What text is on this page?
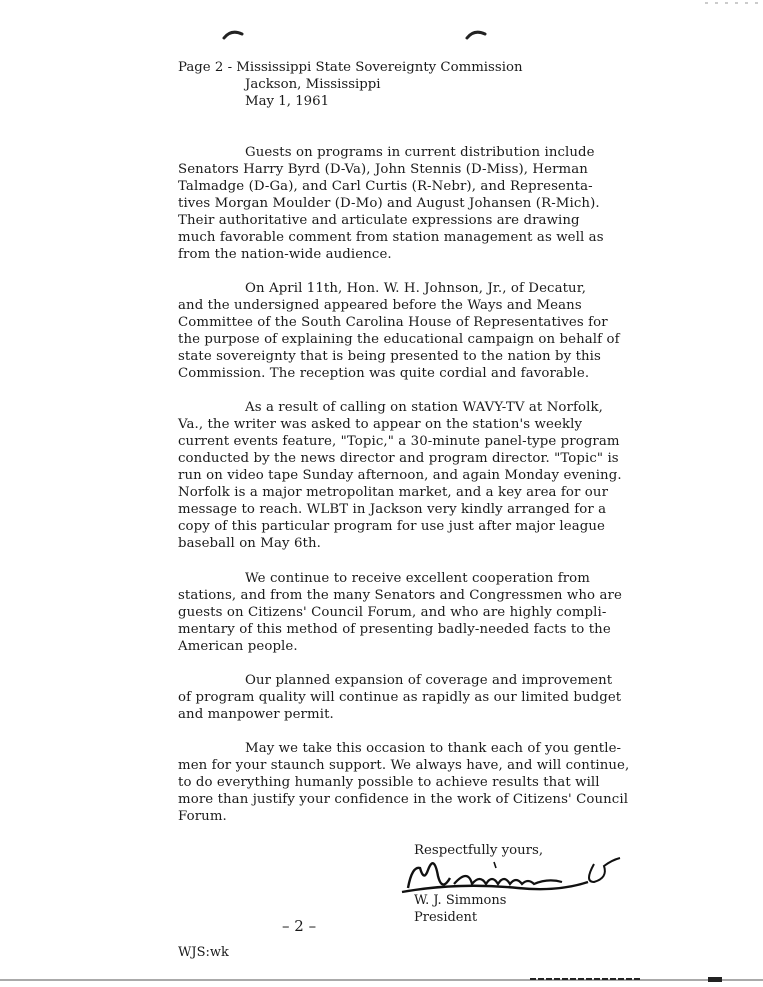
Page 2 - Mississippi State Sovereignty Commission
Jackson, Mississippi
May 1, 1961
Guests on programs in current distribution include
Senators Harry Byrd (D-Va), John Stennis (D-Miss), Herman
Talmadge (D-Ga), and Carl Curtis (R-Nebr), and Representa-
tives Morgan Moulder (D-Mo) and August Johansen (R-Mich).
Their authoritative and articulate expressions are drawing
much favorable comment from station management as well as
from the nation-wide audience.
On April 11th, Hon. W. H. Johnson, Jr., of Decatur,
and the undersigned appeared before the Ways and Means
Committee of the South Carolina House of Representatives for
the purpose of explaining the educational campaign on behalf of
state sovereignty that is being presented to the nation by this
Commission. The reception was quite cordial and favorable.
As a result of calling on station WAVY-TV at Norfolk,
Va., the writer was asked to appear on the station's weekly
current events feature, "Topic," a 30-minute panel-type program
conducted by the news director and program director. "Topic" is
run on video tape Sunday afternoon, and again Monday evening.
Norfolk is a major metropolitan market, and a key area for our
message to reach. WLBT in Jackson very kindly arranged for a
copy of this particular program for use just after major league
baseball on May 6th.
We continue to receive excellent cooperation from
stations, and from the many Senators and Congressmen who are
guests on Citizens' Council Forum, and who are highly compli-
mentary of this method of presenting badly-needed facts to the
American people.
Our planned expansion of coverage and improvement
of program quality will continue as rapidly as our limited budget
and manpower permit.
May we take this occasion to thank each of you gentle-
men for your staunch support. We always have, and will continue,
to do everything humanly possible to achieve results that will
more than justify your confidence in the work of Citizens' Council
Forum.
Respectfully yours,
W. J. Simmons
President
– 2 –
WJS:wk
